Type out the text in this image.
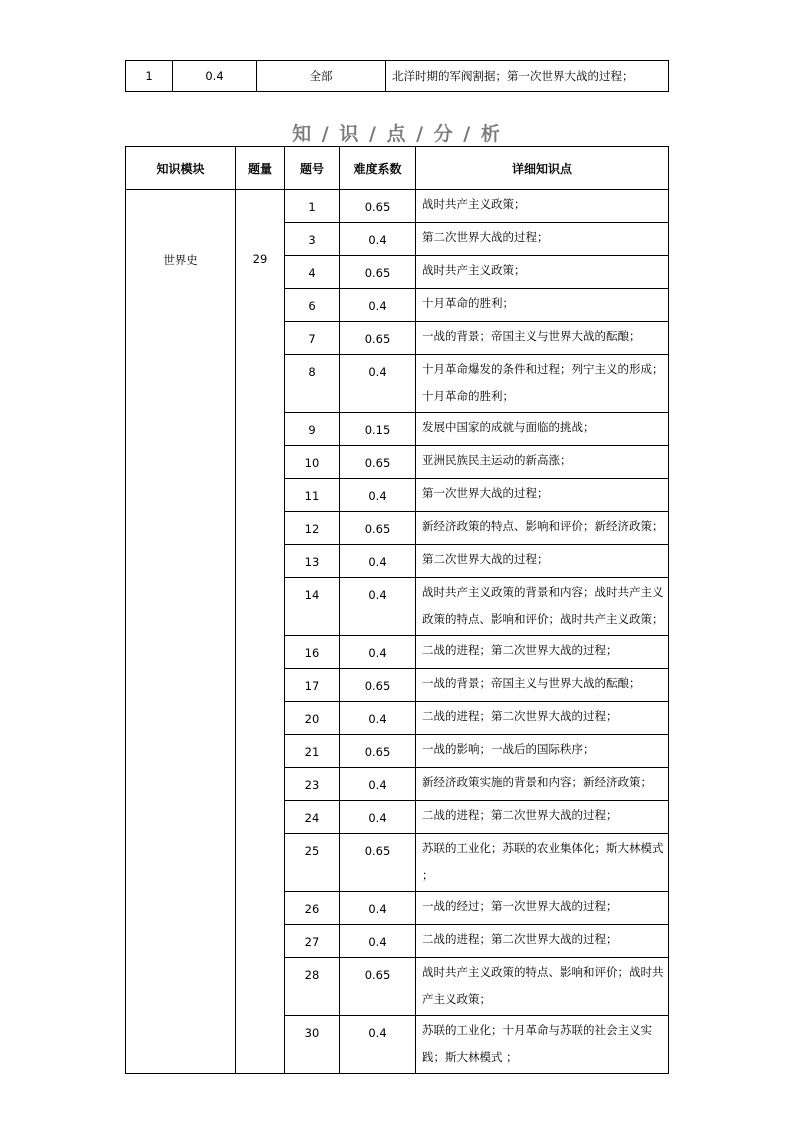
1	0.4	全部	北洋时期的军阀割据；第一次世界大战的过程；
知 / 识 / 点 / 分 / 析
知识模块	题量	题号	难度系数	详细知识点
世界史	29	1	0.65	战时共产主义政策；
		3	0.4	第二次世界大战的过程；
		4	0.65	战时共产主义政策；
		6	0.4	十月革命的胜利；
		7	0.65	一战的背景；帝国主义与世界大战的酝酿；
		8	0.4	十月革命爆发的条件和过程；列宁主义的形成；十月革命的胜利；
		9	0.15	发展中国家的成就与面临的挑战；
		10	0.65	亚洲民族民主运动的新高涨；
		11	0.4	第一次世界大战的过程；
		12	0.65	新经济政策的特点、影响和评价；新经济政策；
		13	0.4	第二次世界大战的过程；
		14	0.4	战时共产主义政策的背景和内容；战时共产主义政策的特点、影响和评价；战时共产主义政策；
		16	0.4	二战的进程；第二次世界大战的过程；
		17	0.65	一战的背景；帝国主义与世界大战的酝酿；
		20	0.4	二战的进程；第二次世界大战的过程；
		21	0.65	一战的影响；一战后的国际秩序；
		23	0.4	新经济政策实施的背景和内容；新经济政策；
		24	0.4	二战的进程；第二次世界大战的过程；
		25	0.65	苏联的工业化；苏联的农业集体化；斯大林模式 ；
		26	0.4	一战的经过；第一次世界大战的过程；
		27	0.4	二战的进程；第二次世界大战的过程；
		28	0.65	战时共产主义政策的特点、影响和评价；战时共产主义政策；
		30	0.4	苏联的工业化；十月革命与苏联的社会主义实践；斯大林模式 ；
